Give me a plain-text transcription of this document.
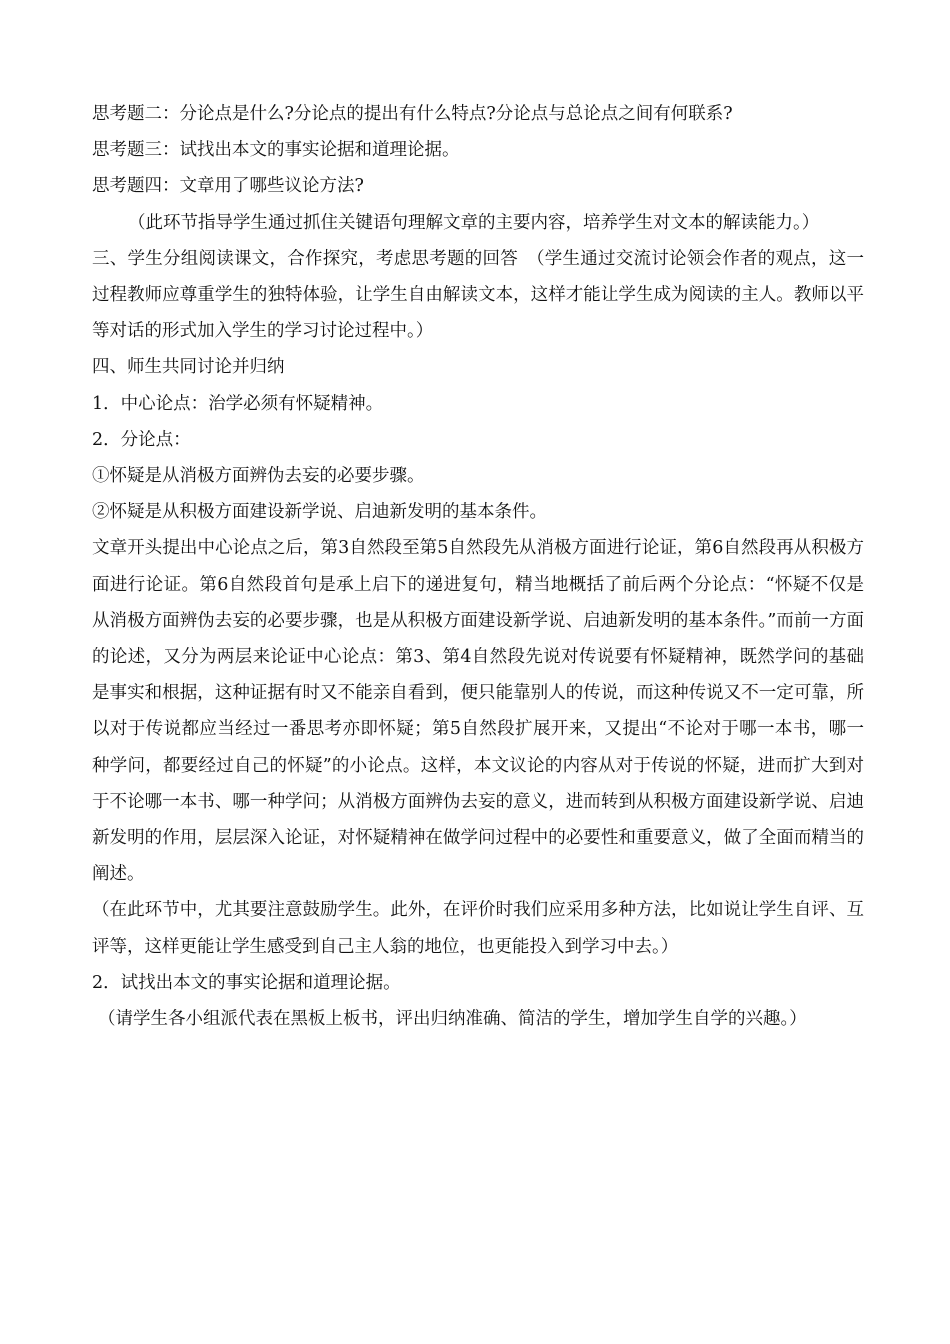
思考题二：分论点是什么?分论点的提出有什么特点?分论点与总论点之间有何联系?

思考题三：试找出本文的事实论据和道理论据。

思考题四：文章用了哪些议论方法?

（此环节指导学生通过抓住关键语句理解文章的主要内容，培养学生对文本的解读能力。）

三、学生分组阅读课文，合作探究，考虑思考题的回答　（学生通过交流讨论领会作者的观点，这一过程教师应尊重学生的独特体验，让学生自由解读文本，这样才能让学生成为阅读的主人。教师以平等对话的形式加入学生的学习讨论过程中。）

四、师生共同讨论并归纳

1．中心论点：治学必须有怀疑精神。

2．分论点：

①怀疑是从消极方面辨伪去妄的必要步骤。

②怀疑是从积极方面建设新学说、启迪新发明的基本条件。

文章开头提出中心论点之后，第3自然段至第5自然段先从消极方面进行论证，第6自然段再从积极方面进行论证。第6自然段首句是承上启下的递进复句，精当地概括了前后两个分论点：“怀疑不仅是从消极方面辨伪去妄的必要步骤，也是从积极方面建设新学说、启迪新发明的基本条件。”而前一方面的论述，又分为两层来论证中心论点：第3、第4自然段先说对传说要有怀疑精神，既然学问的基础是事实和根据，这种证据有时又不能亲自看到，便只能靠别人的传说，而这种传说又不一定可靠，所以对于传说都应当经过一番思考亦即怀疑；第5自然段扩展开来，又提出“不论对于哪一本书，哪一种学问，都要经过自己的怀疑”的小论点。这样，本文议论的内容从对于传说的怀疑，进而扩大到对于不论哪一本书、哪一种学问；从消极方面辨伪去妄的意义，进而转到从积极方面建设新学说、启迪新发明的作用，层层深入论证，对怀疑精神在做学问过程中的必要性和重要意义，做了全面而精当的阐述。

（在此环节中，尤其要注意鼓励学生。此外，在评价时我们应采用多种方法，比如说让学生自评、互评等，这样更能让学生感受到自己主人翁的地位，也更能投入到学习中去。）

2．试找出本文的事实论据和道理论据。

（请学生各小组派代表在黑板上板书，评出归纳准确、简洁的学生，增加学生自学的兴趣。）
